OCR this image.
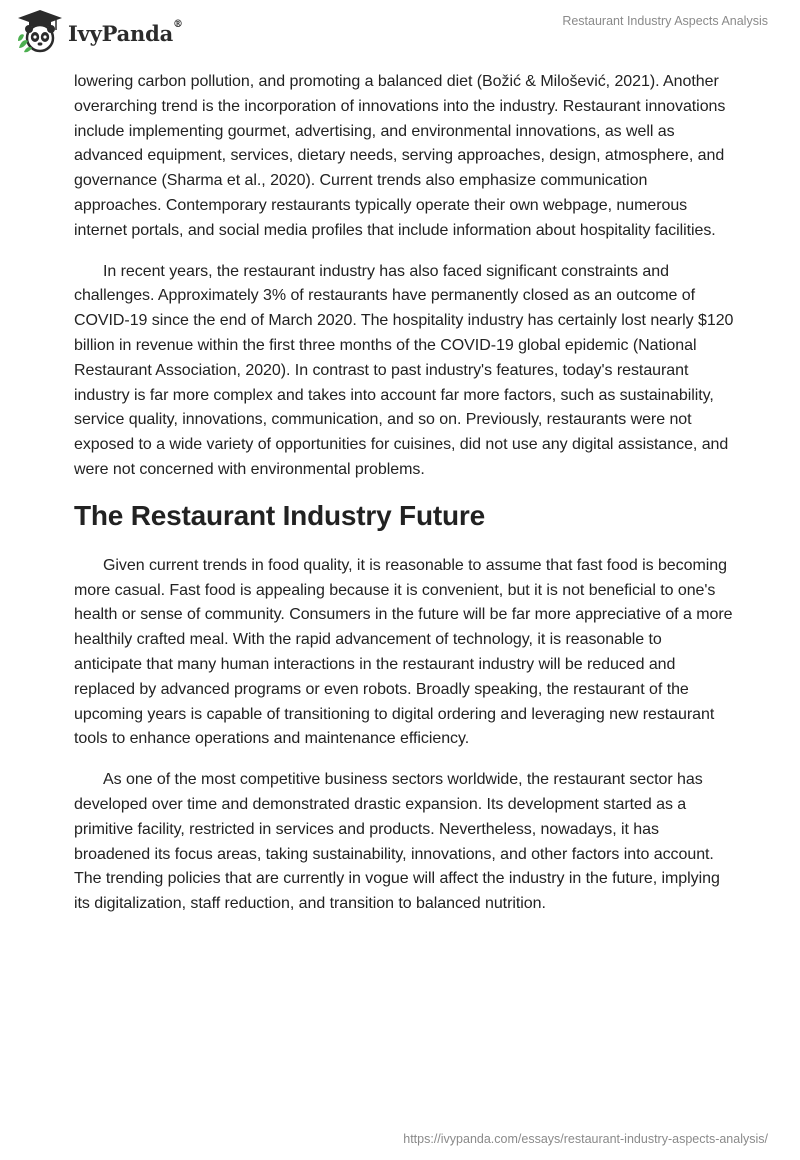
IvyPanda®	Restaurant Industry Aspects Analysis

lowering carbon pollution, and promoting a balanced diet (Božić & Milošević, 2021). Another overarching trend is the incorporation of innovations into the industry. Restaurant innovations include implementing gourmet, advertising, and environmental innovations, as well as advanced equipment, services, dietary needs, serving approaches, design, atmosphere, and governance (Sharma et al., 2020). Current trends also emphasize communication approaches. Contemporary restaurants typically operate their own webpage, numerous internet portals, and social media profiles that include information about hospitality facilities.

In recent years, the restaurant industry has also faced significant constraints and challenges. Approximately 3% of restaurants have permanently closed as an outcome of COVID-19 since the end of March 2020. The hospitality industry has certainly lost nearly $120 billion in revenue within the first three months of the COVID-19 global epidemic (National Restaurant Association, 2020). In contrast to past industry's features, today's restaurant industry is far more complex and takes into account far more factors, such as sustainability, service quality, innovations, communication, and so on. Previously, restaurants were not exposed to a wide variety of opportunities for cuisines, did not use any digital assistance, and were not concerned with environmental problems.

The Restaurant Industry Future

Given current trends in food quality, it is reasonable to assume that fast food is becoming more casual. Fast food is appealing because it is convenient, but it is not beneficial to one's health or sense of community. Consumers in the future will be far more appreciative of a more healthily crafted meal. With the rapid advancement of technology, it is reasonable to anticipate that many human interactions in the restaurant industry will be reduced and replaced by advanced programs or even robots. Broadly speaking, the restaurant of the upcoming years is capable of transitioning to digital ordering and leveraging new restaurant tools to enhance operations and maintenance efficiency.

As one of the most competitive business sectors worldwide, the restaurant sector has developed over time and demonstrated drastic expansion. Its development started as a primitive facility, restricted in services and products. Nevertheless, nowadays, it has broadened its focus areas, taking sustainability, innovations, and other factors into account. The trending policies that are currently in vogue will affect the industry in the future, implying its digitalization, staff reduction, and transition to balanced nutrition.

https://ivypanda.com/essays/restaurant-industry-aspects-analysis/
